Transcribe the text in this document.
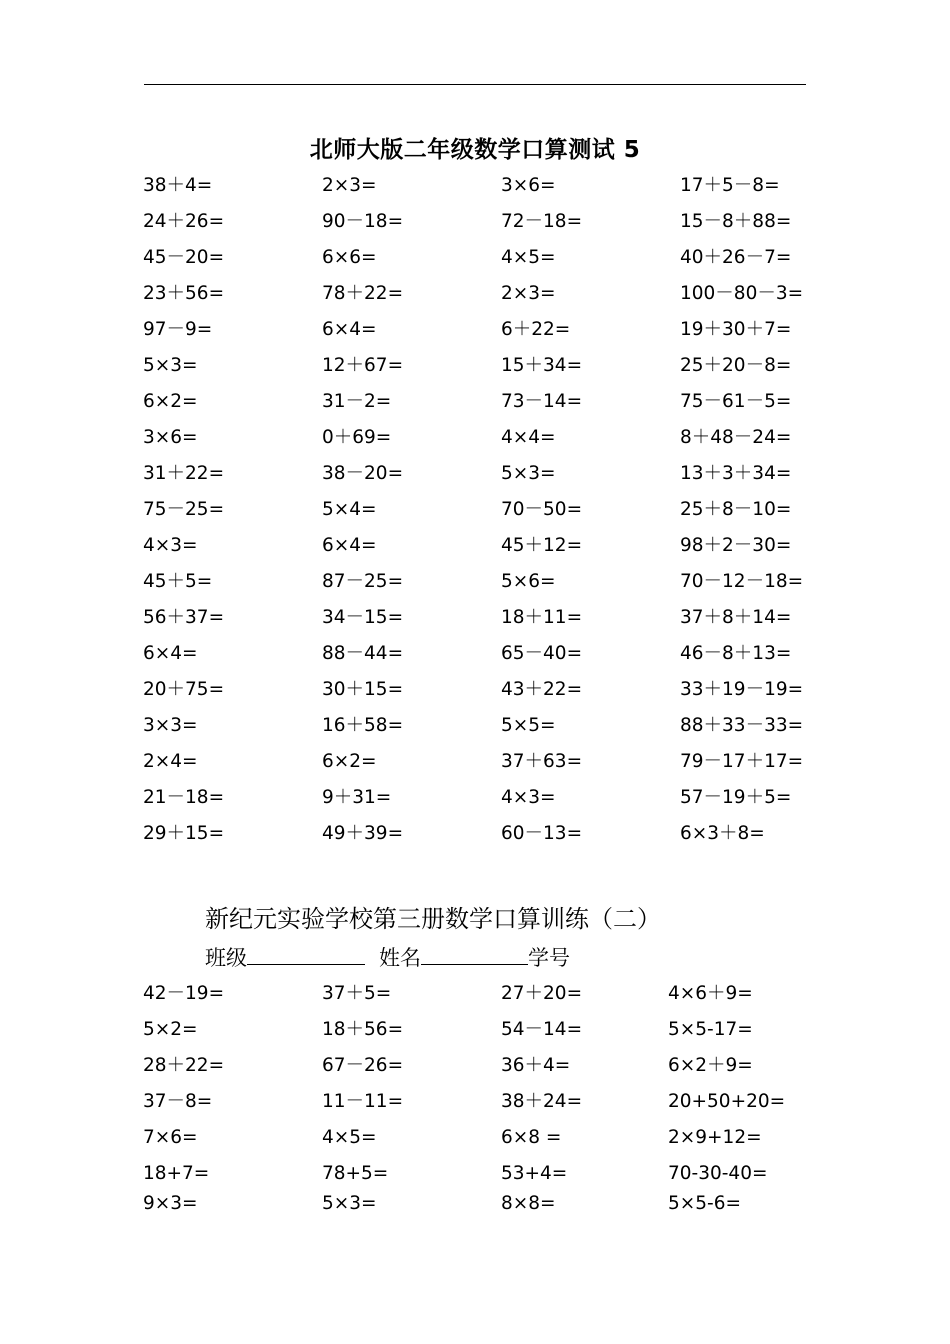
北师大版二年级数学口算测试 5
38＋4=	2×3=	3×6=	17＋5－8=
24＋26=	90－18=	72－18=	15－8＋88=
45－20=	6×6=	4×5=	40＋26－7=
23＋56=	78＋22=	2×3=	100－80－3=
97－9=	6×4=	6＋22=	19＋30＋7=
5×3=	12＋67=	15＋34=	25＋20－8=
6×2=	31－2=	73－14=	75－61－5=
3×6=	0＋69=	4×4=	8＋48－24=
31＋22=	38－20=	5×3=	13＋3＋34=
75－25=	5×4=	70－50=	25＋8－10=
4×3=	6×4=	45＋12=	98＋2－30=
45＋5=	87－25=	5×6=	70－12－18=
56＋37=	34－15=	18＋11=	37＋8＋14=
6×4=	88－44=	65－40=	46－8＋13=
20＋75=	30＋15=	43＋22=	33＋19－19=
3×3=	16＋58=	5×5=	88＋33－33=
2×4=	6×2=	37＋63=	79－17＋17=
21－18=	9＋31=	4×3=	57－19＋5=
29＋15=	49＋39=	60－13=	6×3＋8=
新纪元实验学校第三册数学口算训练（二）
班级	姓名	学号
42－19=	37＋5=	27＋20=	4×6＋9=
5×2=	18＋56=	54－14=	5×5-17=
28＋22=	67－26=	36＋4=	6×2＋9=
37－8=	11－11=	38＋24=	20+50+20=
7×6=	4×5=	6×8 =	2×9+12=
18+7=	78+5=	53+4=	70-30-40=
9×3=	5×3=	8×8=	5×5-6=
